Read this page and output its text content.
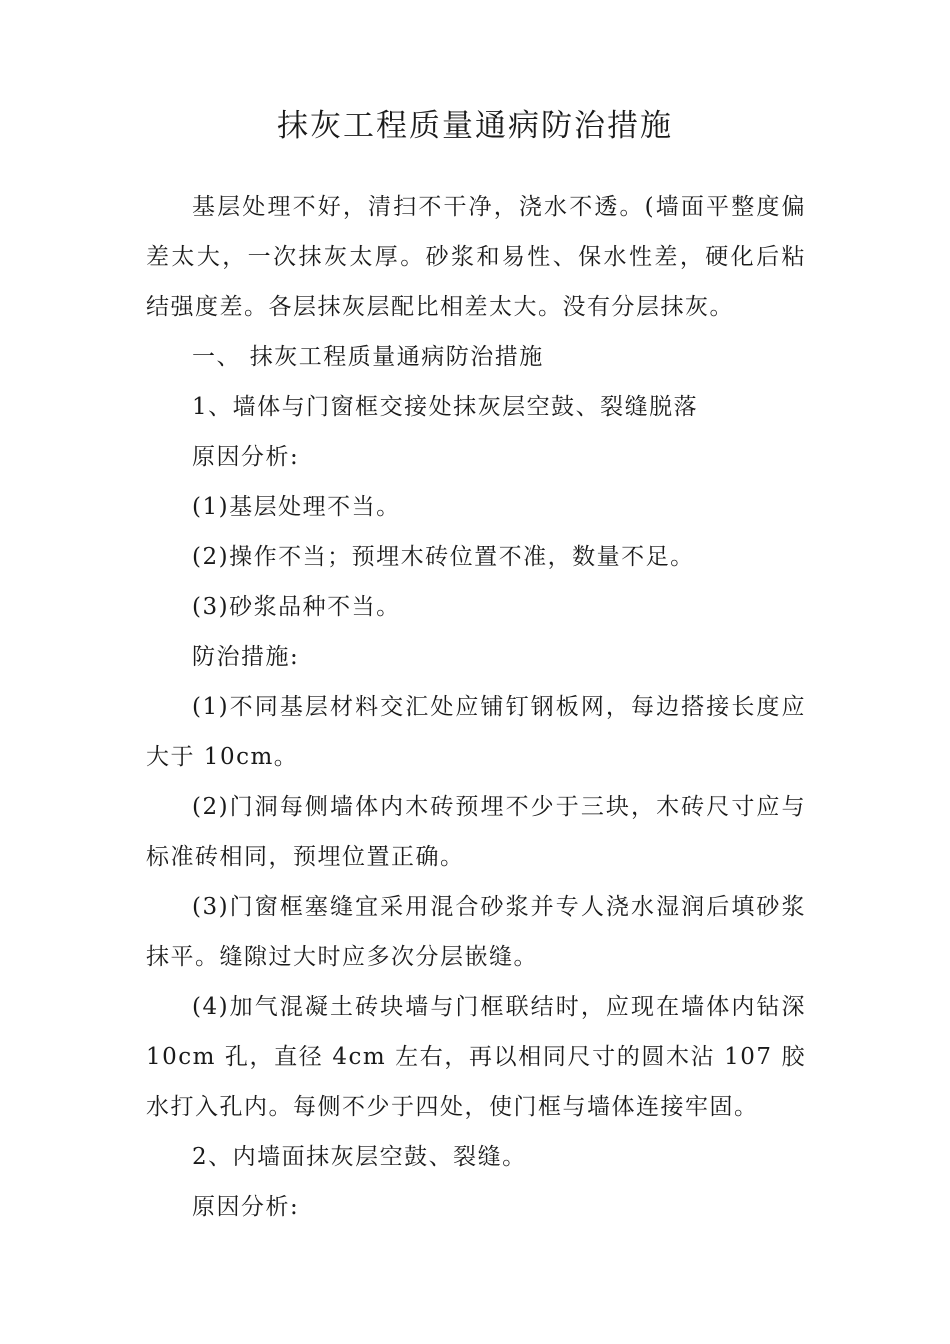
抹灰工程质量通病防治措施

基层处理不好，清扫不干净，浇水不透。(墙面平整度偏差太大，一次抹灰太厚。砂浆和易性、保水性差，硬化后粘结强度差。各层抹灰层配比相差太大。没有分层抹灰。

一、 抹灰工程质量通病防治措施

1、墙体与门窗框交接处抹灰层空鼓、裂缝脱落

原因分析:

(1)基层处理不当。

(2)操作不当；预埋木砖位置不准，数量不足。

(3)砂浆品种不当。

防治措施:

(1)不同基层材料交汇处应铺钉钢板网，每边搭接长度应大于 10cm。

(2)门洞每侧墙体内木砖预埋不少于三块，木砖尺寸应与标准砖相同，预埋位置正确。

(3)门窗框塞缝宜采用混合砂浆并专人浇水湿润后填砂浆抹平。缝隙过大时应多次分层嵌缝。

(4)加气混凝土砖块墙与门框联结时，应现在墙体内钻深 10cm 孔，直径 4cm 左右，再以相同尺寸的圆木沾 107 胶水打入孔内。每侧不少于四处，使门框与墙体连接牢固。

2、内墙面抹灰层空鼓、裂缝。

原因分析:
